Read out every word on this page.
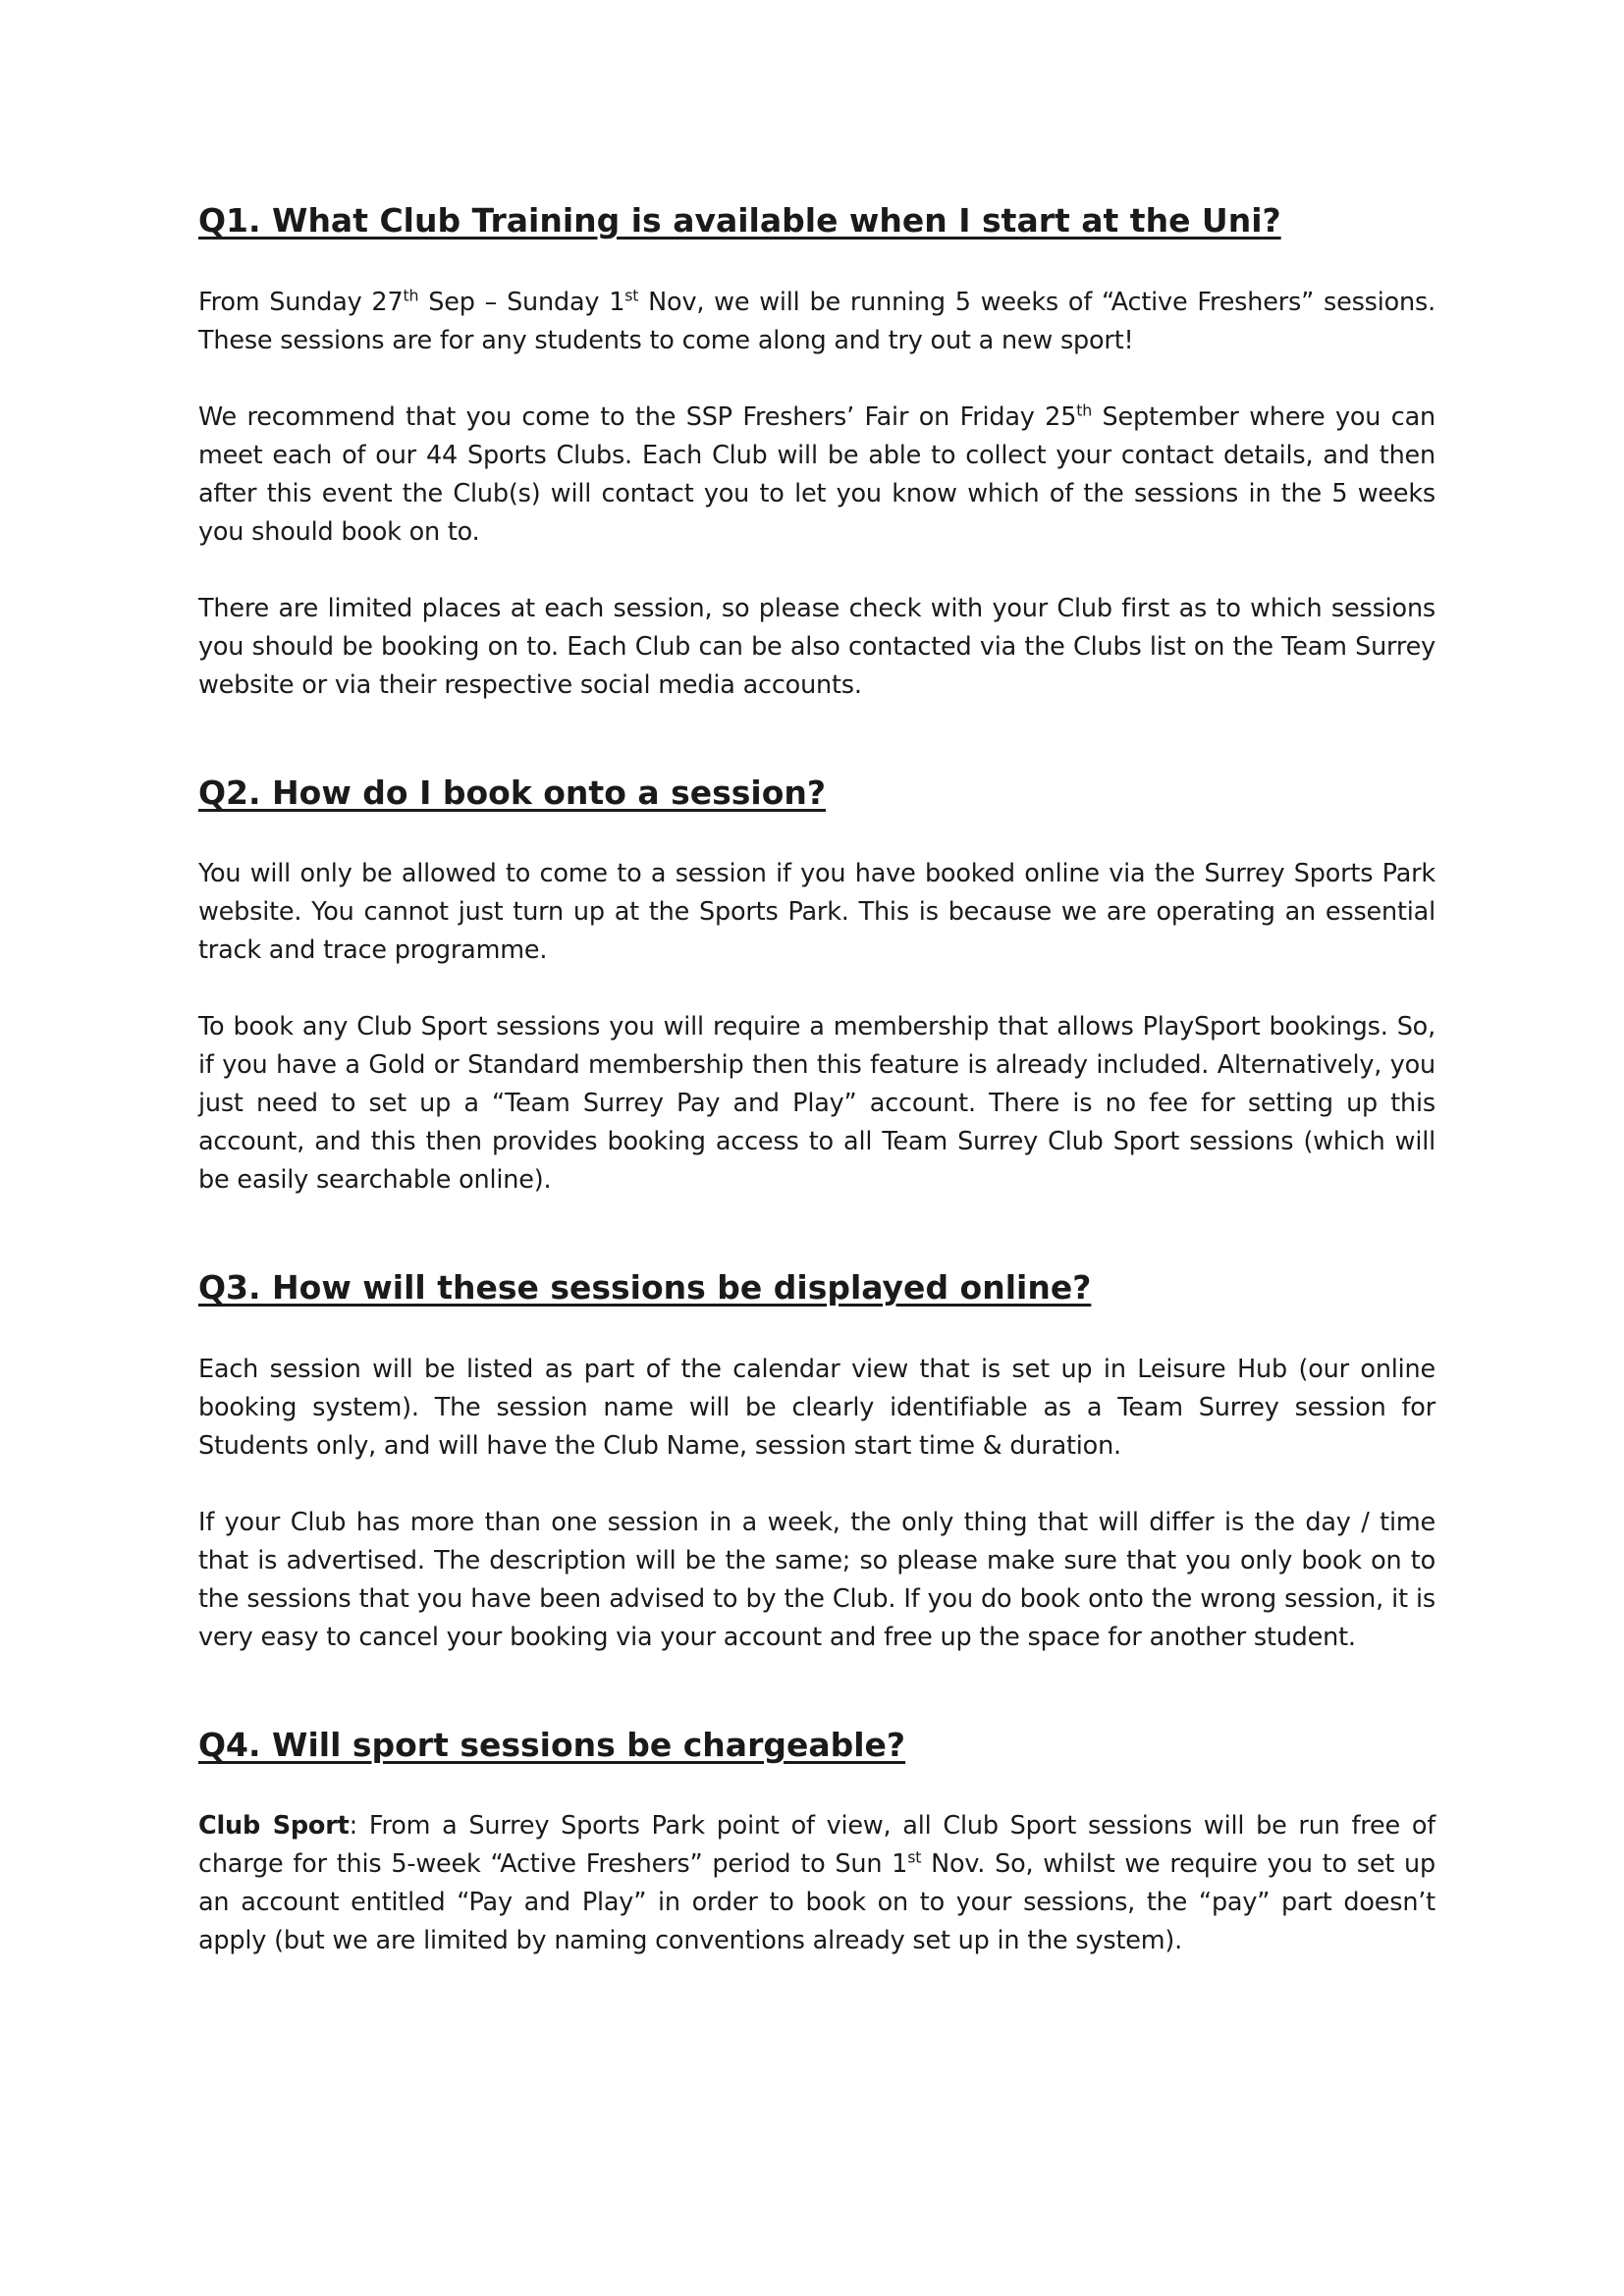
Q1. What Club Training is available when I start at the Uni?

From Sunday 27th Sep – Sunday 1st Nov, we will be running 5 weeks of “Active Freshers” sessions. These sessions are for any students to come along and try out a new sport!

We recommend that you come to the SSP Freshers’ Fair on Friday 25th September where you can meet each of our 44 Sports Clubs. Each Club will be able to collect your contact details, and then after this event the Club(s) will contact you to let you know which of the sessions in the 5 weeks you should book on to.

There are limited places at each session, so please check with your Club first as to which sessions you should be booking on to. Each Club can be also contacted via the Clubs list on the Team Surrey website or via their respective social media accounts.

Q2. How do I book onto a session?

You will only be allowed to come to a session if you have booked online via the Surrey Sports Park website. You cannot just turn up at the Sports Park. This is because we are operating an essential track and trace programme.

To book any Club Sport sessions you will require a membership that allows PlaySport bookings. So, if you have a Gold or Standard membership then this feature is already included. Alternatively, you just need to set up a “Team Surrey Pay and Play” account. There is no fee for setting up this account, and this then provides booking access to all Team Surrey Club Sport sessions (which will be easily searchable online).

Q3. How will these sessions be displayed online?

Each session will be listed as part of the calendar view that is set up in Leisure Hub (our online booking system). The session name will be clearly identifiable as a Team Surrey session for Students only, and will have the Club Name, session start time & duration.

If your Club has more than one session in a week, the only thing that will differ is the day / time that is advertised. The description will be the same; so please make sure that you only book on to the sessions that you have been advised to by the Club. If you do book onto the wrong session, it is very easy to cancel your booking via your account and free up the space for another student.

Q4. Will sport sessions be chargeable?

Club Sport: From a Surrey Sports Park point of view, all Club Sport sessions will be run free of charge for this 5-week “Active Freshers” period to Sun 1st Nov. So, whilst we require you to set up an account entitled “Pay and Play” in order to book on to your sessions, the “pay” part doesn’t apply (but we are limited by naming conventions already set up in the system).
